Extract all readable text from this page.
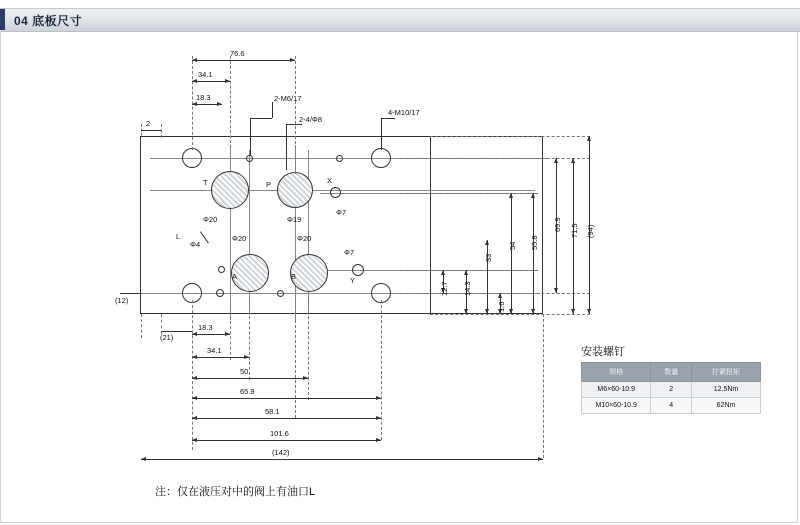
04 底板尺寸
2-M6/17
2-4/Φ8
4-M10/17
L
Φ4
T	P	X
A	B	Y
Φ20	Φ19
Φ7
Φ20	Φ20
Φ7
76.6
34.1
18.3
2
1.6
12.7 14.3
33
54 55.8
69.9 71.5 (94)
(12)
(21)
18.3
34.1
50
65.9
58.1
101.6
(142)
安装螺钉
规格	数量	拧紧扭矩
M6×60-10.9	2	12.5Nm
M10×60-10.9	4	62Nm
注：仅在液压对中的阀上有油口L
